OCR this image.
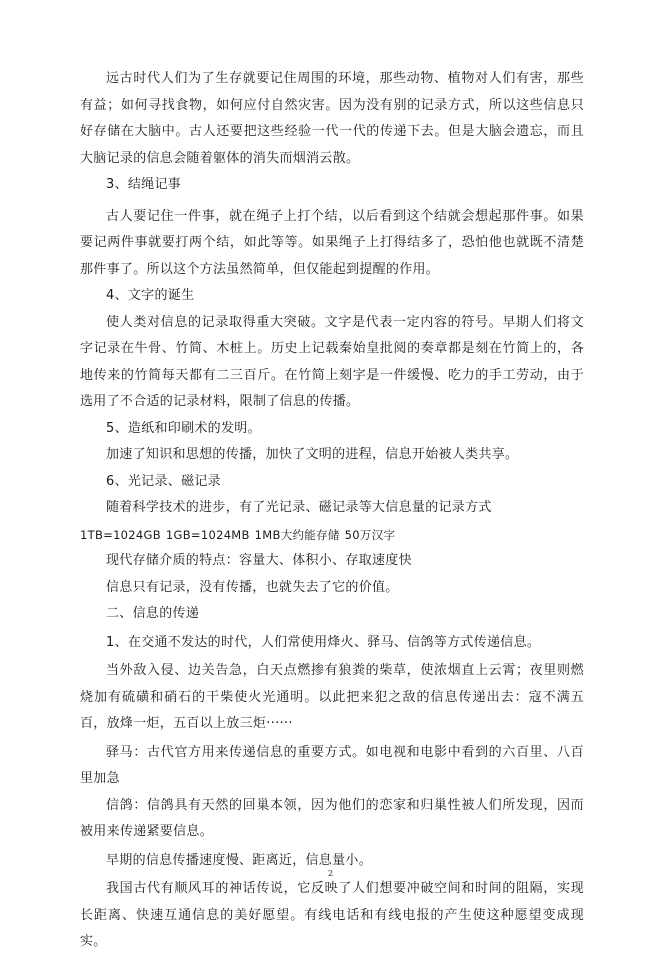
远古时代人们为了生存就要记住周围的环境，那些动物、植物对人们有害，那些有益；如何寻找食物，如何应付自然灾害。因为没有别的记录方式，所以这些信息只好存储在大脑中。古人还要把这些经验一代一代的传递下去。但是大脑会遗忘，而且大脑记录的信息会随着躯体的消失而烟消云散。

3、结绳记事

古人要记住一件事，就在绳子上打个结，以后看到这个结就会想起那件事。如果要记两件事就要打两个结，如此等等。如果绳子上打得结多了，恐怕他也就既不清楚那件事了。所以这个方法虽然简单，但仅能起到提醒的作用。

4、文字的诞生

使人类对信息的记录取得重大突破。文字是代表一定内容的符号。早期人们将文字记录在牛骨、竹简、木桩上。历史上记载秦始皇批阅的奏章都是刻在竹简上的，各地传来的竹简每天都有二三百斤。在竹简上刻字是一件缓慢、吃力的手工劳动，由于选用了不合适的记录材料，限制了信息的传播。

5、造纸和印刷术的发明。

加速了知识和思想的传播，加快了文明的进程，信息开始被人类共享。

6、光记录、磁记录

随着科学技术的进步，有了光记录、磁记录等大信息量的记录方式

1TB=1024GB 1GB=1024MB 1MB大约能存储 50万汉字

现代存储介质的特点：容量大、体积小、存取速度快

信息只有记录，没有传播，也就失去了它的价值。

二、信息的传递

1、在交通不发达的时代，人们常使用烽火、驿马、信鸽等方式传递信息。

当外敌入侵、边关告急，白天点燃掺有狼粪的柴草，使浓烟直上云霄；夜里则燃烧加有硫磺和硝石的干柴使火光通明。以此把来犯之敌的信息传递出去：寇不满五百，放烽一炬，五百以上放三炬······

驿马：古代官方用来传递信息的重要方式。如电视和电影中看到的六百里、八百里加急

信鸽：信鸽具有天然的回巢本领，因为他们的恋家和归巢性被人们所发现，因而被用来传递紧要信息。

早期的信息传播速度慢、距离近，信息量小。

我国古代有顺风耳的神话传说，它反映了人们想要冲破空间和时间的阻隔，实现长距离、快速互通信息的美好愿望。有线电话和有线电报的产生使这种愿望变成现实。

2
